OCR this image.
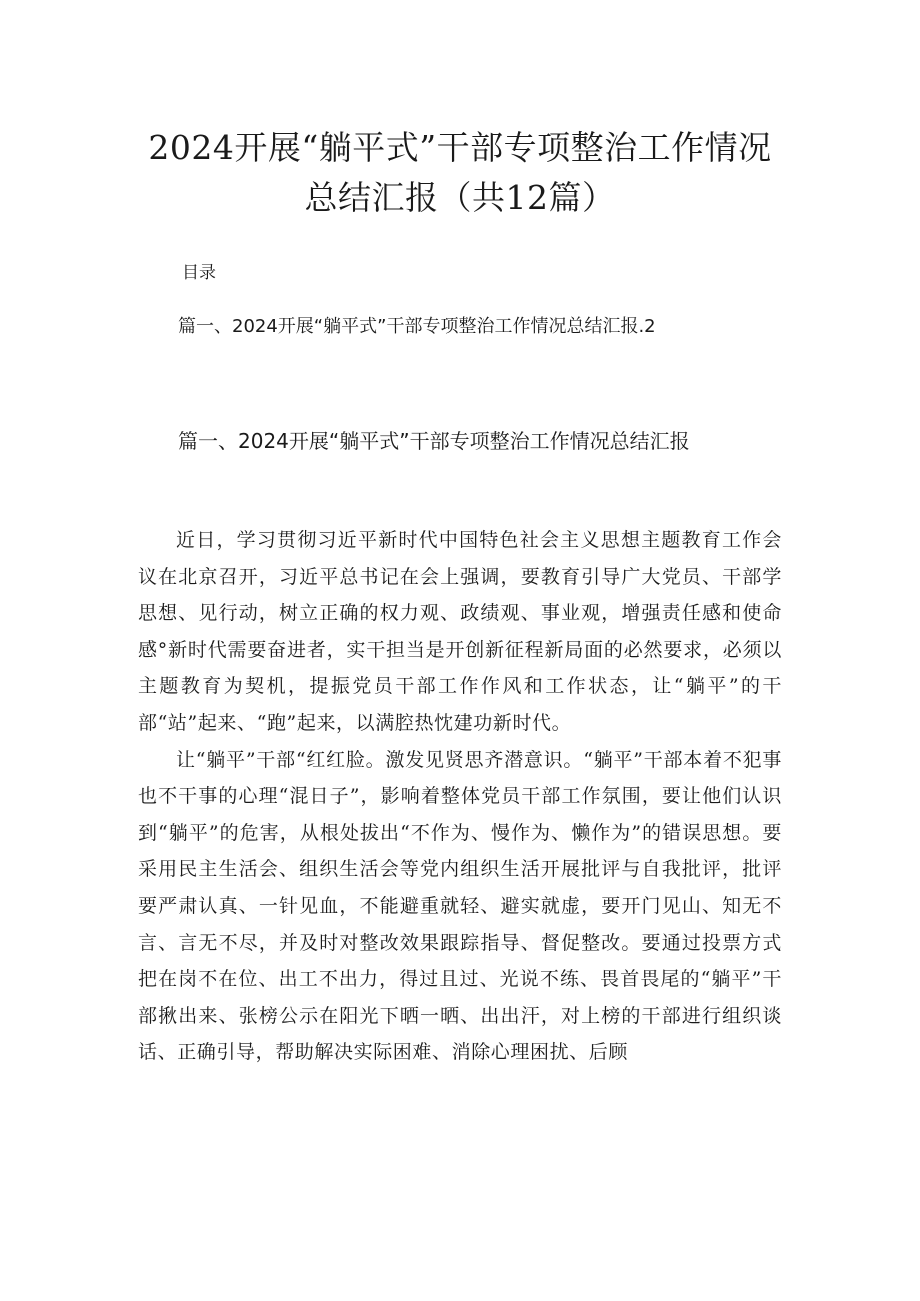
2024开展“躺平式”干部专项整治工作情况
总结汇报（共12篇）
目录
篇一、2024开展“躺平式”干部专项整治工作情况总结汇报.2
篇一、2024开展“躺平式”干部专项整治工作情况总结汇报

近日，学习贯彻习近平新时代中国特色社会主义思想主题教育工作会议在北京召开，习近平总书记在会上强调，要教育引导广大党员、干部学思想、见行动，树立正确的权力观、政绩观、事业观，增强责任感和使命感°新时代需要奋进者，实干担当是开创新征程新局面的必然要求，必须以主题教育为契机，提振党员干部工作作风和工作状态，让“躺平”的干部“站”起来、“跑”起来，以满腔热忱建功新时代。

让“躺平”干部“红红脸。激发见贤思齐潜意识。“躺平”干部本着不犯事也不干事的心理“混日子”，影响着整体党员干部工作氛围，要让他们认识到“躺平”的危害，从根处拔出“不作为、慢作为、懒作为”的错误思想。要采用民主生活会、组织生活会等党内组织生活开展批评与自我批评，批评要严肃认真、一针见血，不能避重就轻、避实就虚，要开门见山、知无不言、言无不尽，并及时对整改效果跟踪指导、督促整改。要通过投票方式把在岗不在位、出工不出力，得过且过、光说不练、畏首畏尾的“躺平”干部揪出来、张榜公示在阳光下晒一晒、出出汗，对上榜的干部进行组织谈话、正确引导，帮助解决实际困难、消除心理困扰、后顾
